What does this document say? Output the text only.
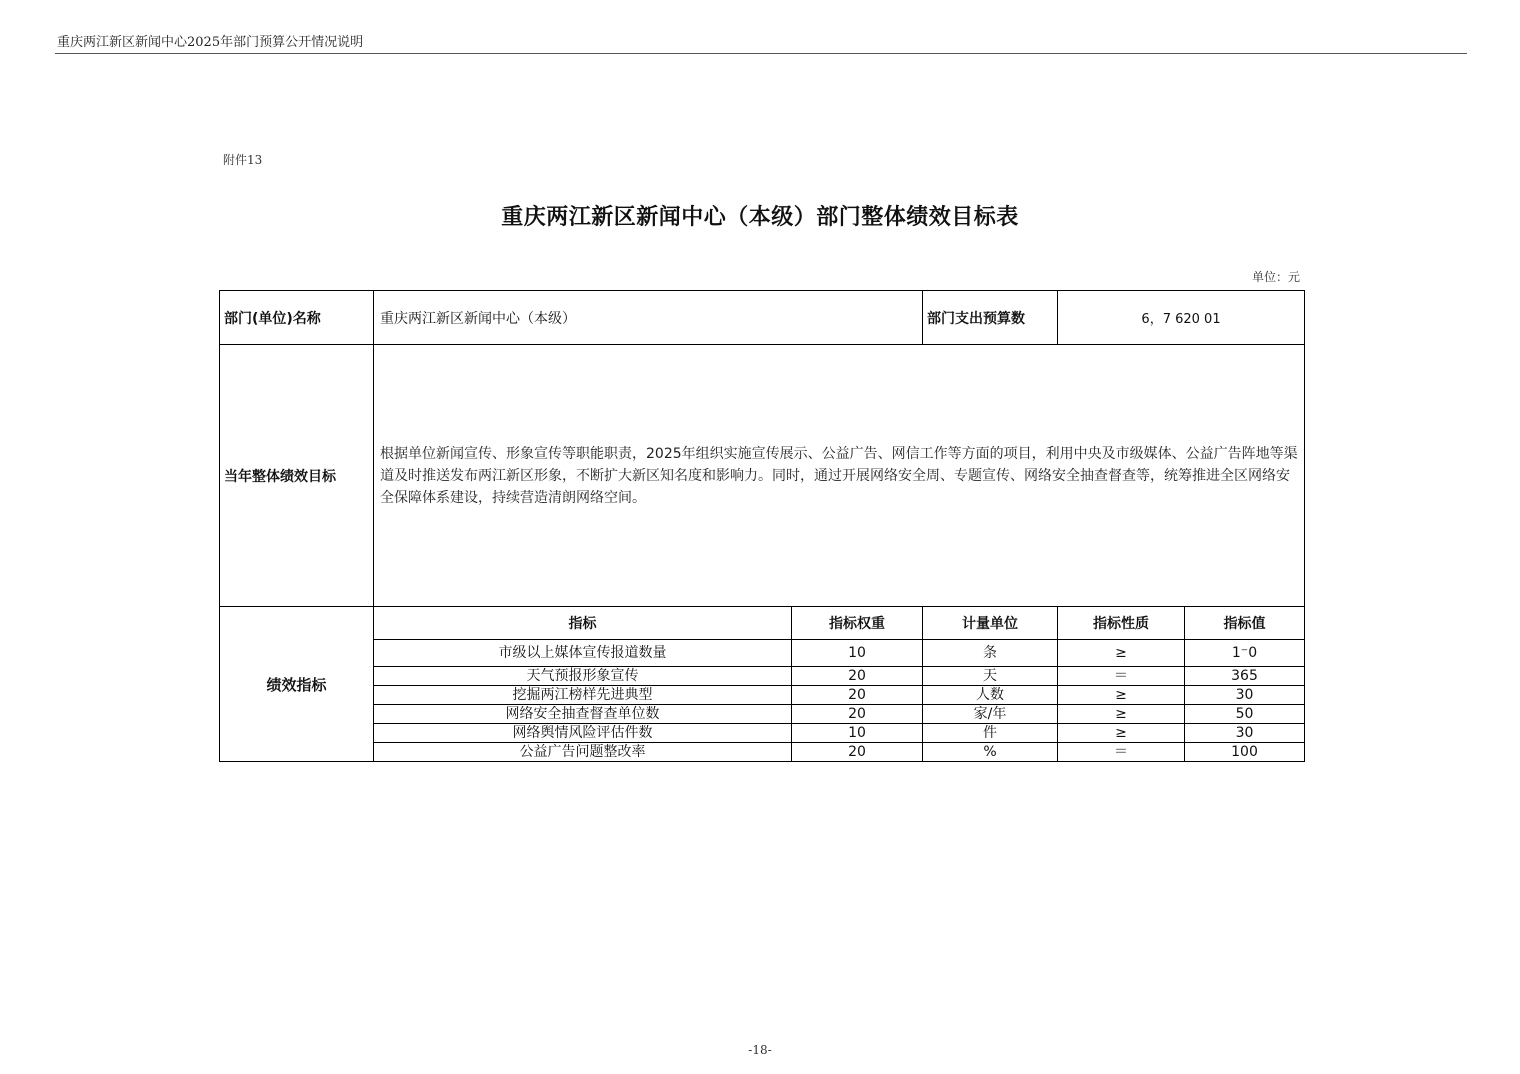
重庆两江新区新闻中心2025年部门预算公开情况说明
附件13
重庆两江新区新闻中心（本级）部门整体绩效目标表
单位：元
部门(单位)名称	重庆两江新区新闻中心（本级）		部门支出预算数	6，7 620 01	
当年整体绩效目标	根据单位新闻宣传、形象宣传等职能职责，2025年组织实施宣传展示、公益广告、网信工作等方面的项目，利用中央及市级媒体、公益广告阵地等渠道及时推送发布两江新区形象，不断扩大新区知名度和影响力。同时，通过开展网络安全周、专题宣传、网络安全抽查督查等，统筹推进全区网络安全保障体系建设，持续营造清朗网络空间。				
绩效指标	指标	指标权重	计量单位	指标性质	指标值
	市级以上媒体宣传报道数量	10	条	≥	1⁻0
	天气预报形象宣传	20	天	＝	365
	挖掘两江榜样先进典型	20	人数	≥	30
	网络安全抽查督查单位数	20	家/年	≥	50
	网络舆情风险评估件数	10	件	≥	30
	公益广告问题整改率	20	%	＝	100
-18-
